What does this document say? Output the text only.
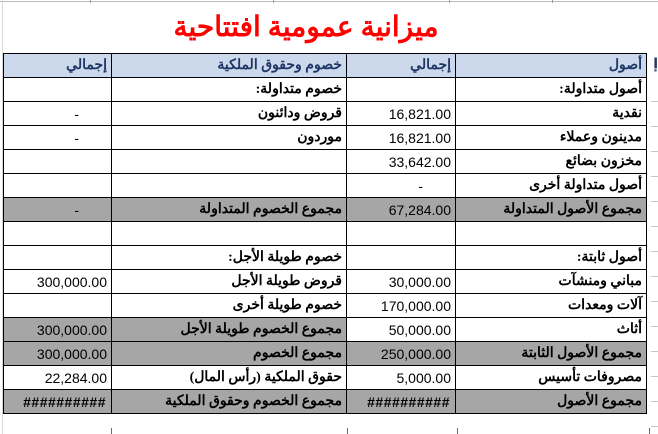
ميزانية عمومية افتتاحية
إ
أصول	إجمالي	خصوم وحقوق الملكية	إجمالي
أصول متداولة:		خصوم متداولة:	
نقدية	16,821.00	قروض ودائنون	-
مدينون وعملاء	16,821.00	موردون	-
مخزون بضائع	33,642.00		
أصول متداولة أخرى	-		
مجموع الأصول المتداولة	67,284.00	مجموع الخصوم المتداولة	-

أصول ثابتة:		خصوم طويلة الأجل:	
مباني ومنشآت	30,000.00	قروض طويلة الأجل	300,000.00
آلات ومعدات	170,000.00	خصوم طويلة أخرى	
أثاث	50,000.00	مجموع الخصوم طويلة الأجل	300,000.00
مجموع الأصول الثابتة	250,000.00	مجموع الخصوم	300,000.00
مصروفات تأسيس	5,000.00	حقوق الملكية (رأس المال)	22,284.00
مجموع الأصول	##########	مجموع الخصوم وحقوق الملكية	##########
